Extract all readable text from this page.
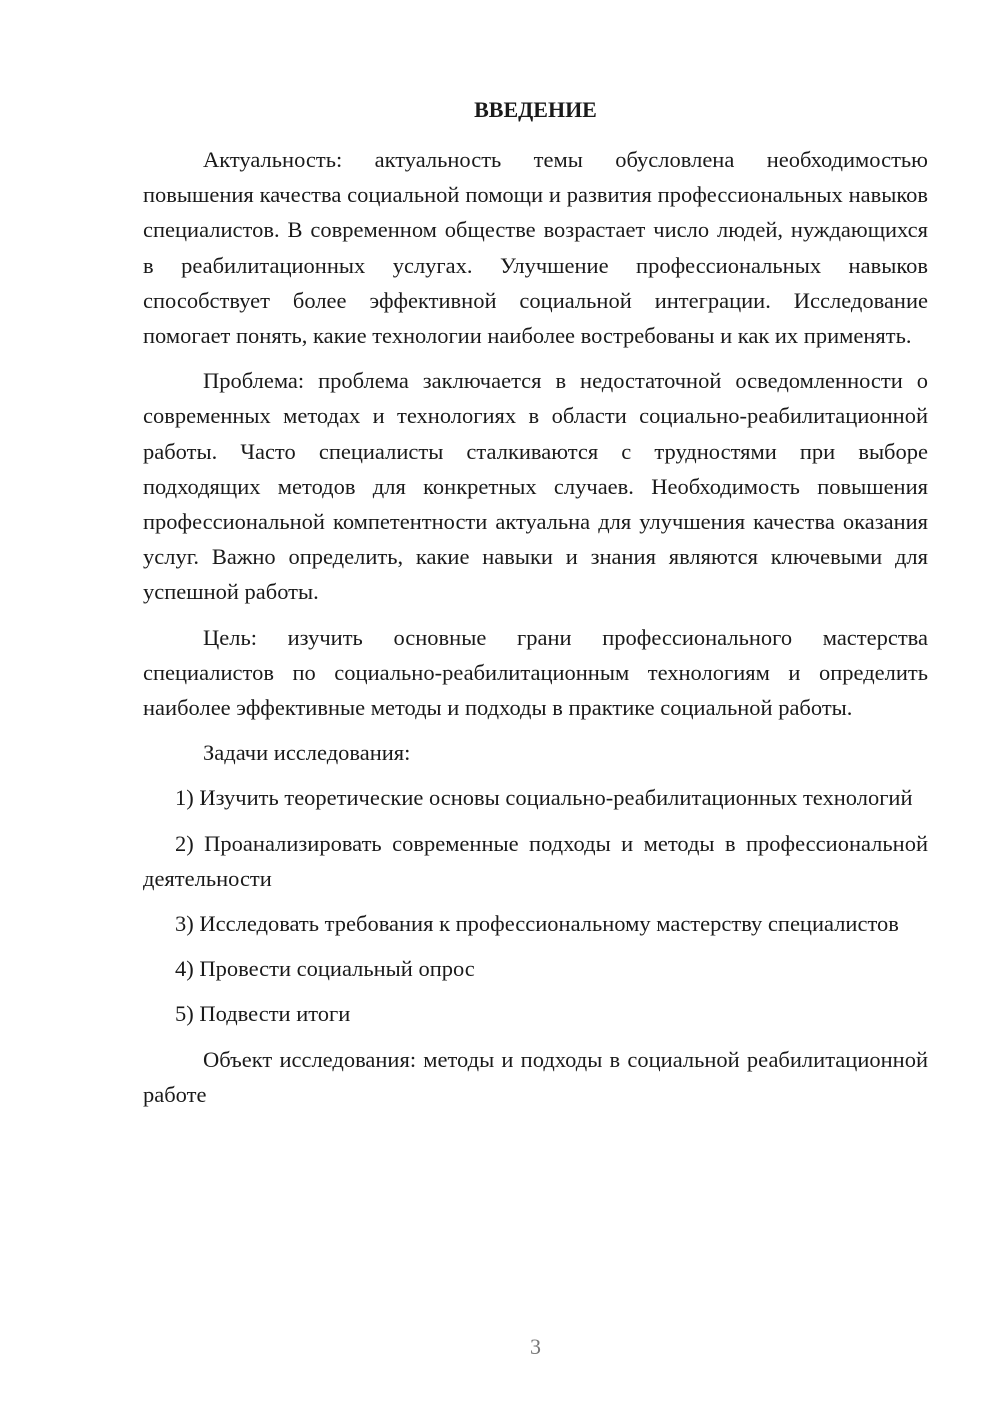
ВВЕДЕНИЕ

Актуальность: актуальность темы обусловлена необходимостью повышения качества социальной помощи и развития профессиональных навыков специалистов. В современном обществе возрастает число людей, нуждающихся в реабилитационных услугах. Улучшение профессиональных навыков способствует более эффективной социальной интеграции. Исследование помогает понять, какие технологии наиболее востребованы и как их применять.

Проблема: проблема заключается в недостаточной осведомленности о современных методах и технологиях в области социально-реабилитационной работы. Часто специалисты сталкиваются с трудностями при выборе подходящих методов для конкретных случаев. Необходимость повышения профессиональной компетентности актуальна для улучшения качества оказания услуг. Важно определить, какие навыки и знания являются ключевыми для успешной работы.

Цель: изучить основные грани профессионального мастерства специалистов по социально-реабилитационным технологиям и определить наиболее эффективные методы и подходы в практике социальной работы.

Задачи исследования:

1) Изучить теоретические основы социально-реабилитационных технологий

2) Проанализировать современные подходы и методы в профессиональной деятельности

3) Исследовать требования к профессиональному мастерству специалистов

4) Провести социальный опрос

5) Подвести итоги

Объект исследования: методы и подходы в социальной реабилитационной работе

3
